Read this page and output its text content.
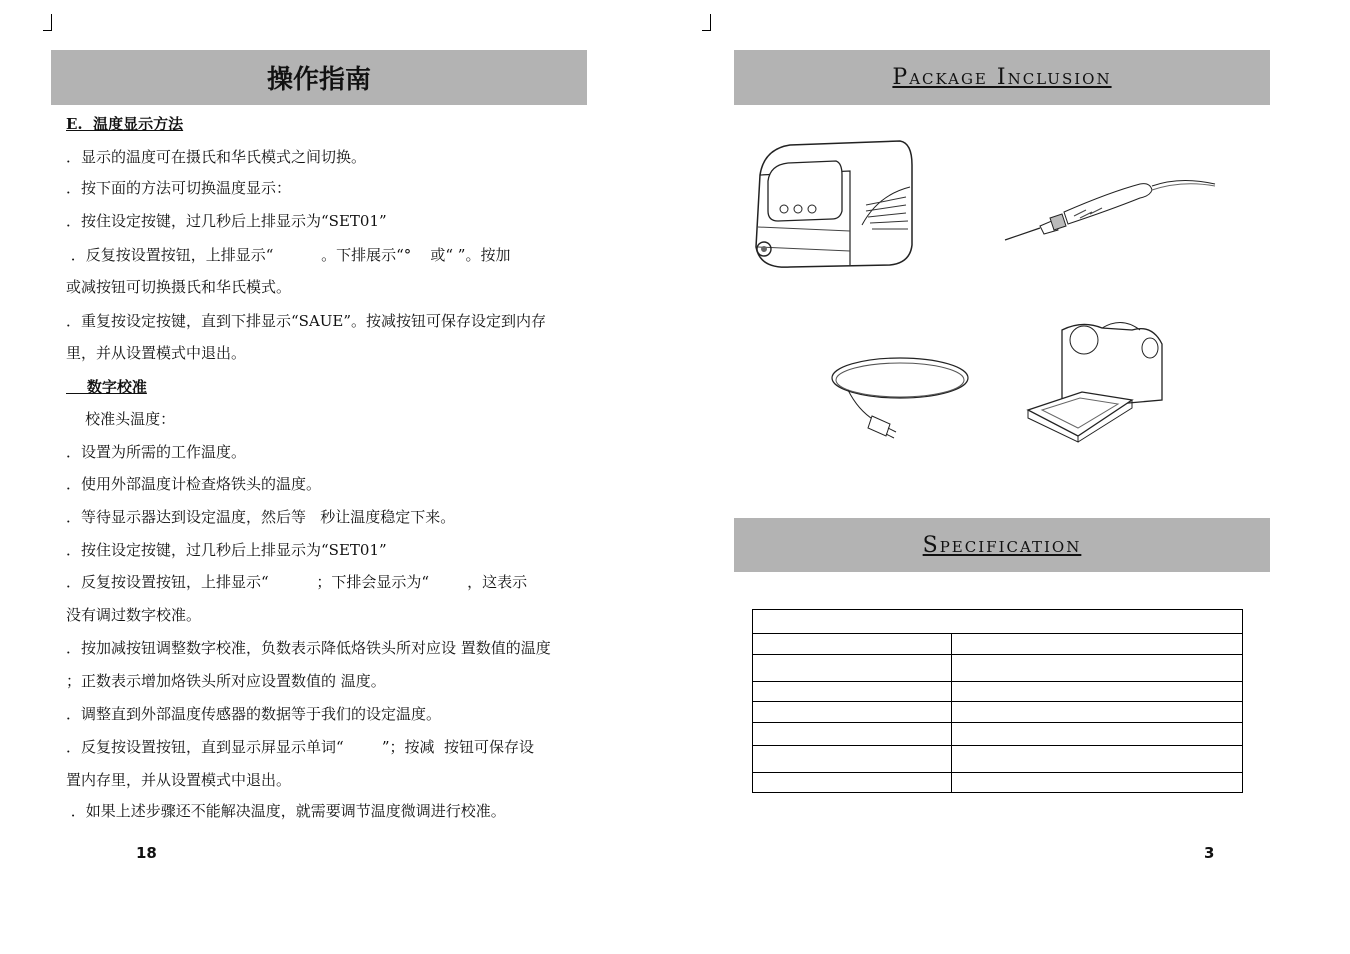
操作指南
E.  温度显示方法
．显示的温度可在摄氏和华氏模式之间切换。
．按下面的方法可切换温度显示：
．按住设定按键，过几秒后上排显示为“SET01”
．反复按设置按钮，上排显示“          。下排展示“°    或“ ”。按加
或减按钮可切换摄氏和华氏模式。
．重复按设定按键，直到下排显示“SAUE”。按减按钮可保存设定到内存
里，并从设置模式中退出。
数字校准
校准头温度：
．设置为所需的工作温度。
．使用外部温度计检查烙铁头的温度。
．等待显示器达到设定温度，然后等   秒让温度稳定下来。
．按住设定按键，过几秒后上排显示为“SET01”
．反复按设置按钮，上排显示“          ；下排会显示为“        ，这表示
没有调过数字校准。
．按加减按钮调整数字校准，负数表示降低烙铁头所对应设 置数值的温度
；正数表示增加烙铁头所对应设置数值的 温度。
．调整直到外部温度传感器的数据等于我们的设定温度。
．反复按设置按钮，直到显示屏显示单词“        ”；按减  按钮可保存设
置内存里，并从设置模式中退出。
．如果上述步骤还不能解决温度，就需要调节温度微调进行校准。
18
Package Inclusion
Specification

3
